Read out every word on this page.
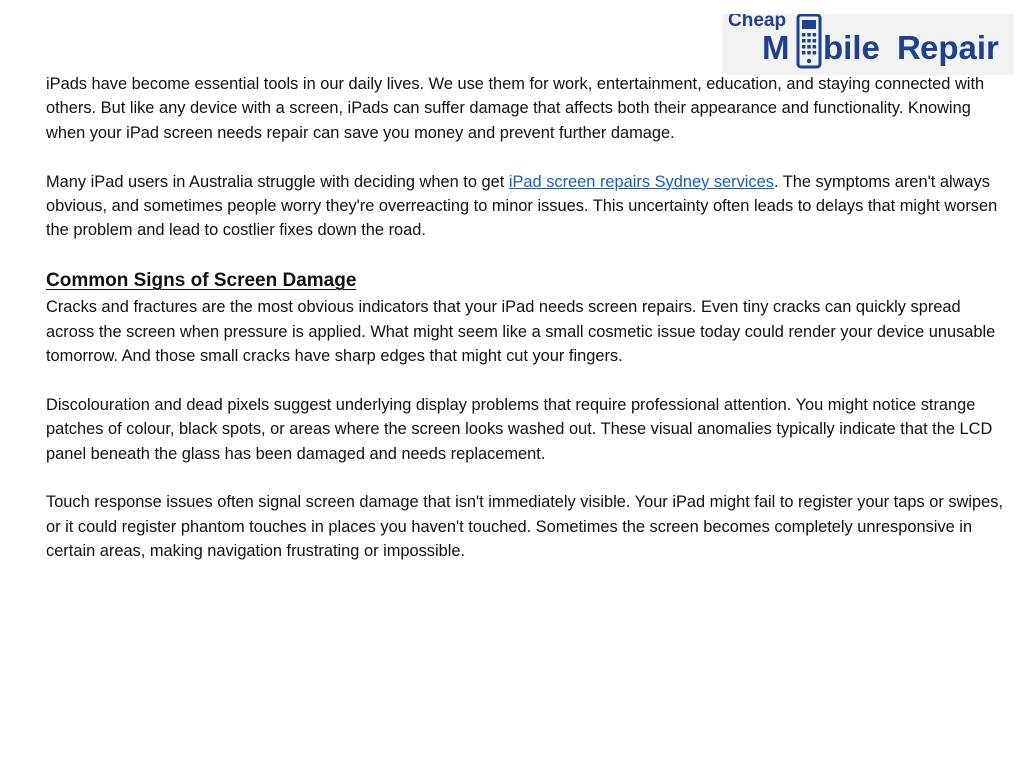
Cheap
M bile R epair

iPads have become essential tools in our daily lives. We use them for work, entertainment, education, and staying connected with others. But like any device with a screen, iPads can suffer damage that affects both their appearance and functionality. Knowing when your iPad screen needs repair can save you money and prevent further damage.

Many iPad users in Australia struggle with deciding when to get iPad screen repairs Sydney services. The symptoms aren't always obvious, and sometimes people worry they're overreacting to minor issues. This uncertainty often leads to delays that might worsen the problem and lead to costlier fixes down the road.

Common Signs of Screen Damage

Cracks and fractures are the most obvious indicators that your iPad needs screen repairs. Even tiny cracks can quickly spread across the screen when pressure is applied. What might seem like a small cosmetic issue today could render your device unusable tomorrow. And those small cracks have sharp edges that might cut your fingers.

Discolouration and dead pixels suggest underlying display problems that require professional attention. You might notice strange patches of colour, black spots, or areas where the screen looks washed out. These visual anomalies typically indicate that the LCD panel beneath the glass has been damaged and needs replacement.

Touch response issues often signal screen damage that isn't immediately visible. Your iPad might fail to register your taps or swipes, or it could register phantom touches in places you haven't touched. Sometimes the screen becomes completely unresponsive in certain areas, making navigation frustrating or impossible.
